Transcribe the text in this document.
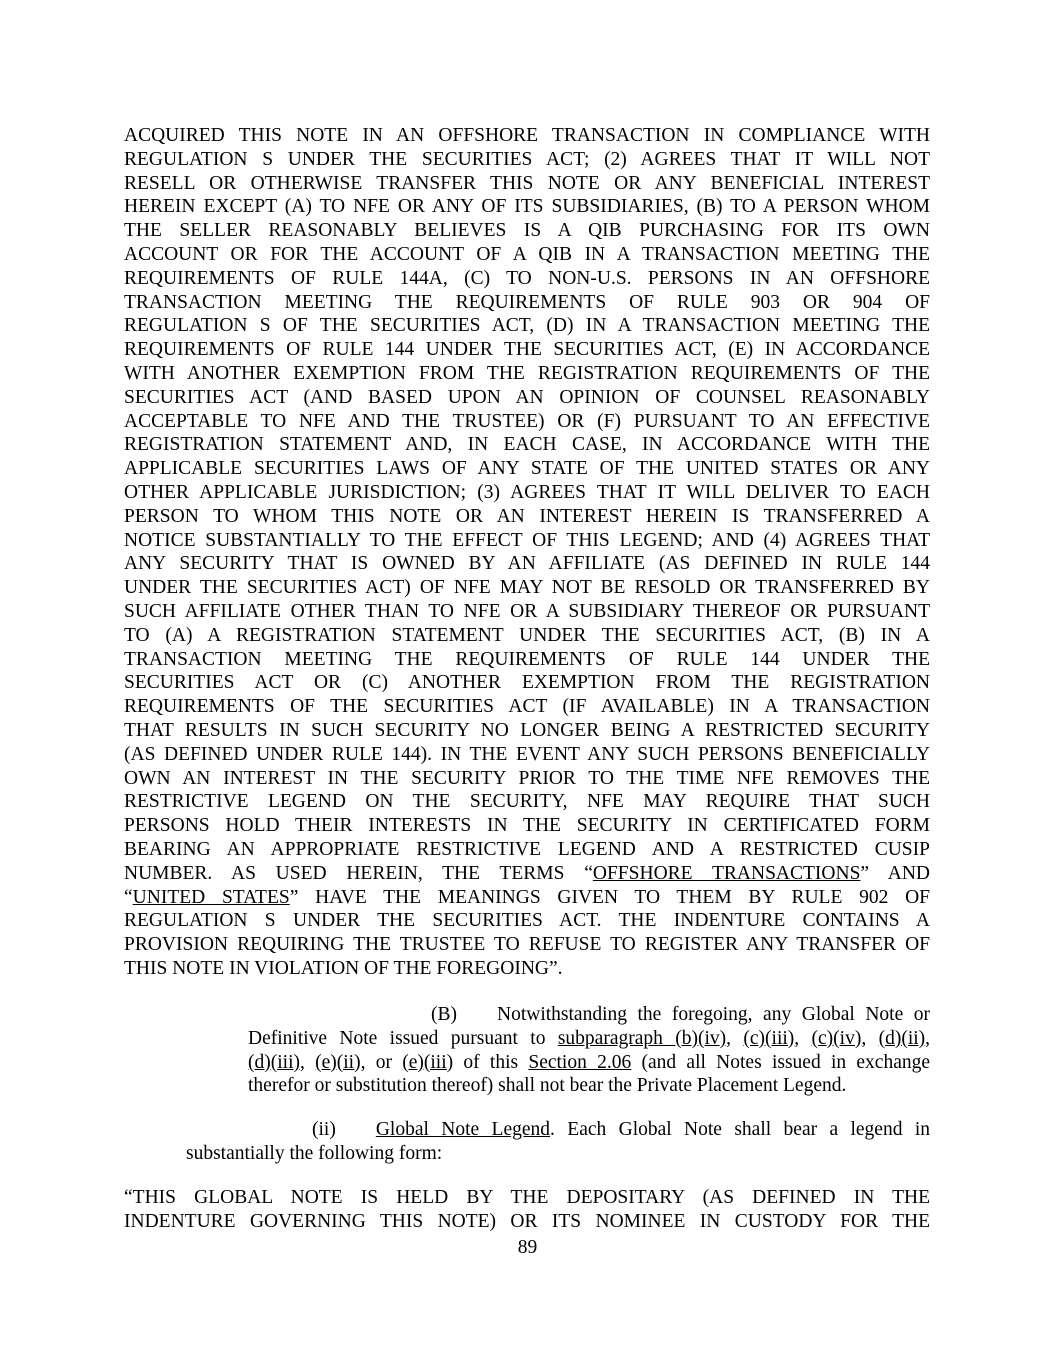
ACQUIRED THIS NOTE IN AN OFFSHORE TRANSACTION IN COMPLIANCE WITH
REGULATION S UNDER THE SECURITIES ACT; (2) AGREES THAT IT WILL NOT
RESELL OR OTHERWISE TRANSFER THIS NOTE OR ANY BENEFICIAL INTEREST
HEREIN EXCEPT (A) TO NFE OR ANY OF ITS SUBSIDIARIES, (B) TO A PERSON WHOM
THE SELLER REASONABLY BELIEVES IS A QIB PURCHASING FOR ITS OWN
ACCOUNT OR FOR THE ACCOUNT OF A QIB IN A TRANSACTION MEETING THE
REQUIREMENTS OF RULE 144A, (C) TO NON-U.S. PERSONS IN AN OFFSHORE
TRANSACTION MEETING THE REQUIREMENTS OF RULE 903 OR 904 OF
REGULATION S OF THE SECURITIES ACT, (D) IN A TRANSACTION MEETING THE
REQUIREMENTS OF RULE 144 UNDER THE SECURITIES ACT, (E) IN ACCORDANCE
WITH ANOTHER EXEMPTION FROM THE REGISTRATION REQUIREMENTS OF THE
SECURITIES ACT (AND BASED UPON AN OPINION OF COUNSEL REASONABLY
ACCEPTABLE TO NFE AND THE TRUSTEE) OR (F) PURSUANT TO AN EFFECTIVE
REGISTRATION STATEMENT AND, IN EACH CASE, IN ACCORDANCE WITH THE
APPLICABLE SECURITIES LAWS OF ANY STATE OF THE UNITED STATES OR ANY
OTHER APPLICABLE JURISDICTION; (3) AGREES THAT IT WILL DELIVER TO EACH
PERSON TO WHOM THIS NOTE OR AN INTEREST HEREIN IS TRANSFERRED A
NOTICE SUBSTANTIALLY TO THE EFFECT OF THIS LEGEND; AND (4) AGREES THAT
ANY SECURITY THAT IS OWNED BY AN AFFILIATE (AS DEFINED IN RULE 144
UNDER THE SECURITIES ACT) OF NFE MAY NOT BE RESOLD OR TRANSFERRED BY
SUCH AFFILIATE OTHER THAN TO NFE OR A SUBSIDIARY THEREOF OR PURSUANT
TO (A) A REGISTRATION STATEMENT UNDER THE SECURITIES ACT, (B) IN A
TRANSACTION MEETING THE REQUIREMENTS OF RULE 144 UNDER THE
SECURITIES ACT OR (C) ANOTHER EXEMPTION FROM THE REGISTRATION
REQUIREMENTS OF THE SECURITIES ACT (IF AVAILABLE) IN A TRANSACTION
THAT RESULTS IN SUCH SECURITY NO LONGER BEING A RESTRICTED SECURITY
(AS DEFINED UNDER RULE 144). IN THE EVENT ANY SUCH PERSONS BENEFICIALLY
OWN AN INTEREST IN THE SECURITY PRIOR TO THE TIME NFE REMOVES THE
RESTRICTIVE LEGEND ON THE SECURITY, NFE MAY REQUIRE THAT SUCH
PERSONS HOLD THEIR INTERESTS IN THE SECURITY IN CERTIFICATED FORM
BEARING AN APPROPRIATE RESTRICTIVE LEGEND AND A RESTRICTED CUSIP
NUMBER. AS USED HEREIN, THE TERMS “OFFSHORE TRANSACTIONS” AND
“UNITED STATES” HAVE THE MEANINGS GIVEN TO THEM BY RULE 902 OF
REGULATION S UNDER THE SECURITIES ACT. THE INDENTURE CONTAINS A
PROVISION REQUIRING THE TRUSTEE TO REFUSE TO REGISTER ANY TRANSFER OF
THIS NOTE IN VIOLATION OF THE FOREGOING”.
(B) Notwithstanding the foregoing, any Global Note or
Definitive Note issued pursuant to subparagraph (b)(iv), (c)(iii), (c)(iv), (d)(ii),
(d)(iii), (e)(ii), or (e)(iii) of this Section 2.06 (and all Notes issued in exchange
therefor or substitution thereof) shall not bear the Private Placement Legend.
(ii) Global Note Legend. Each Global Note shall bear a legend in
substantially the following form:
“THIS GLOBAL NOTE IS HELD BY THE DEPOSITARY (AS DEFINED IN THE
INDENTURE GOVERNING THIS NOTE) OR ITS NOMINEE IN CUSTODY FOR THE
89
